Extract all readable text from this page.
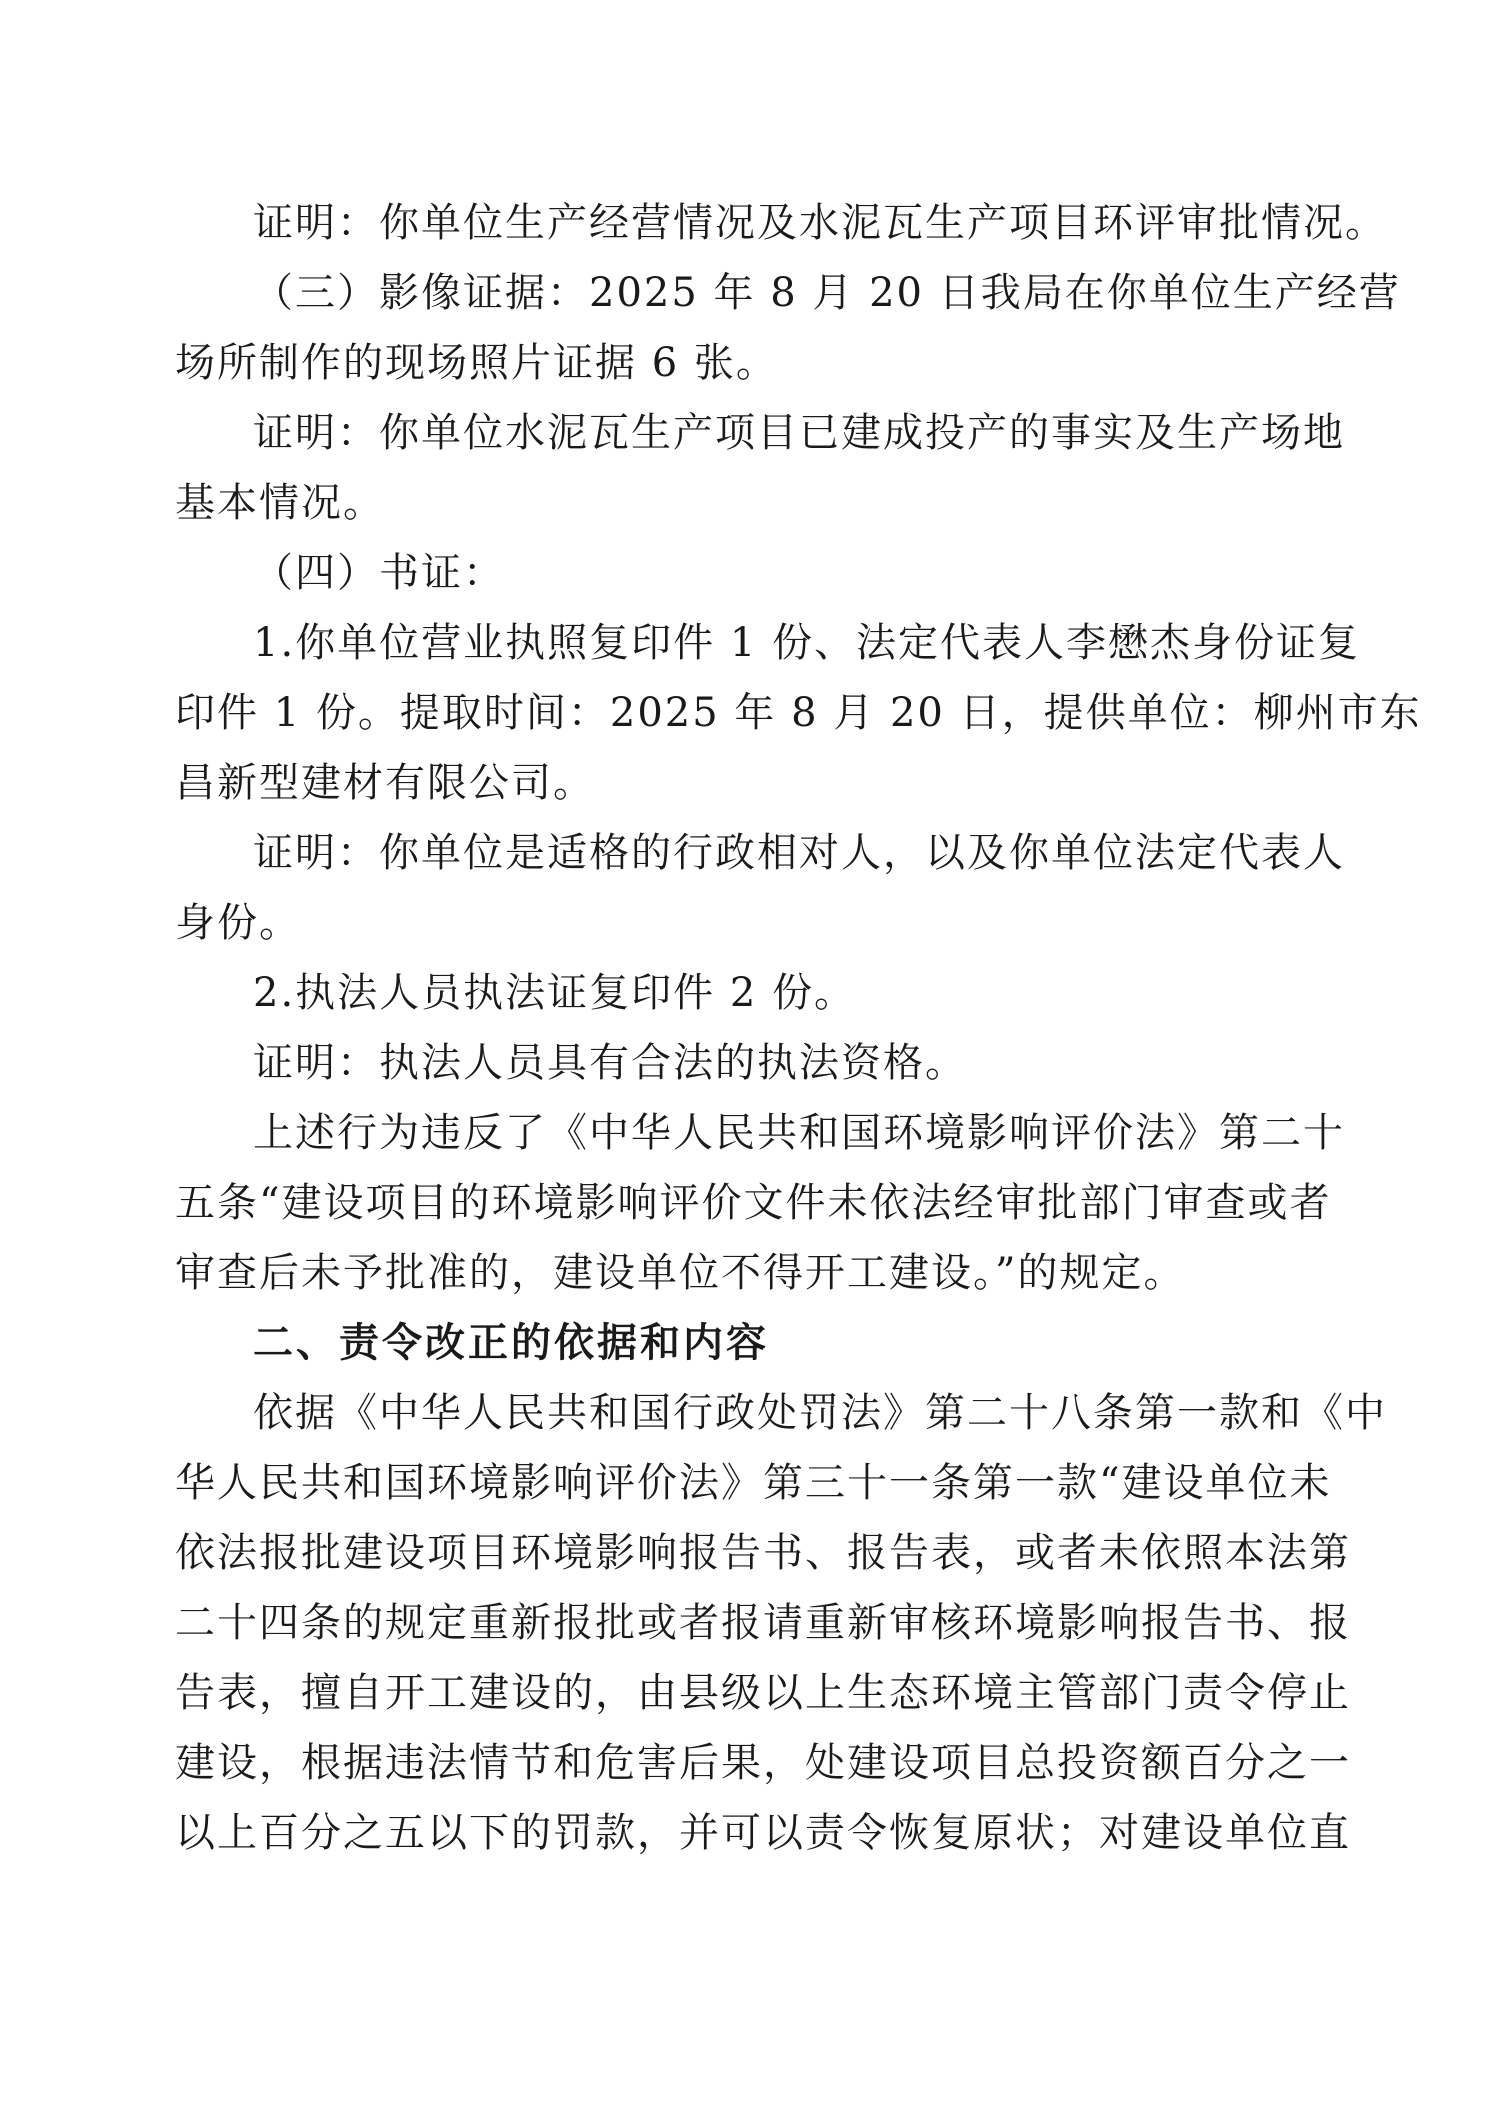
证明：你单位生产经营情况及水泥瓦生产项目环评审批情况。
（三）影像证据：2025 年 8 月 20 日我局在你单位生产经营
场所制作的现场照片证据 6 张。
证明：你单位水泥瓦生产项目已建成投产的事实及生产场地
基本情况。
（四）书证：
1.你单位营业执照复印件 1 份、法定代表人李懋杰身份证复
印件 1 份。提取时间：2025 年 8 月 20 日，提供单位：柳州市东
昌新型建材有限公司。
证明：你单位是适格的行政相对人，以及你单位法定代表人
身份。
2.执法人员执法证复印件 2 份。
证明：执法人员具有合法的执法资格。
上述行为违反了《中华人民共和国环境影响评价法》第二十
五条“建设项目的环境影响评价文件未依法经审批部门审查或者
审查后未予批准的，建设单位不得开工建设。”的规定。
二、责令改正的依据和内容
依据《中华人民共和国行政处罚法》第二十八条第一款和《中
华人民共和国环境影响评价法》第三十一条第一款“建设单位未
依法报批建设项目环境影响报告书、报告表，或者未依照本法第
二十四条的规定重新报批或者报请重新审核环境影响报告书、报
告表，擅自开工建设的，由县级以上生态环境主管部门责令停止
建设，根据违法情节和危害后果，处建设项目总投资额百分之一
以上百分之五以下的罚款，并可以责令恢复原状；对建设单位直
